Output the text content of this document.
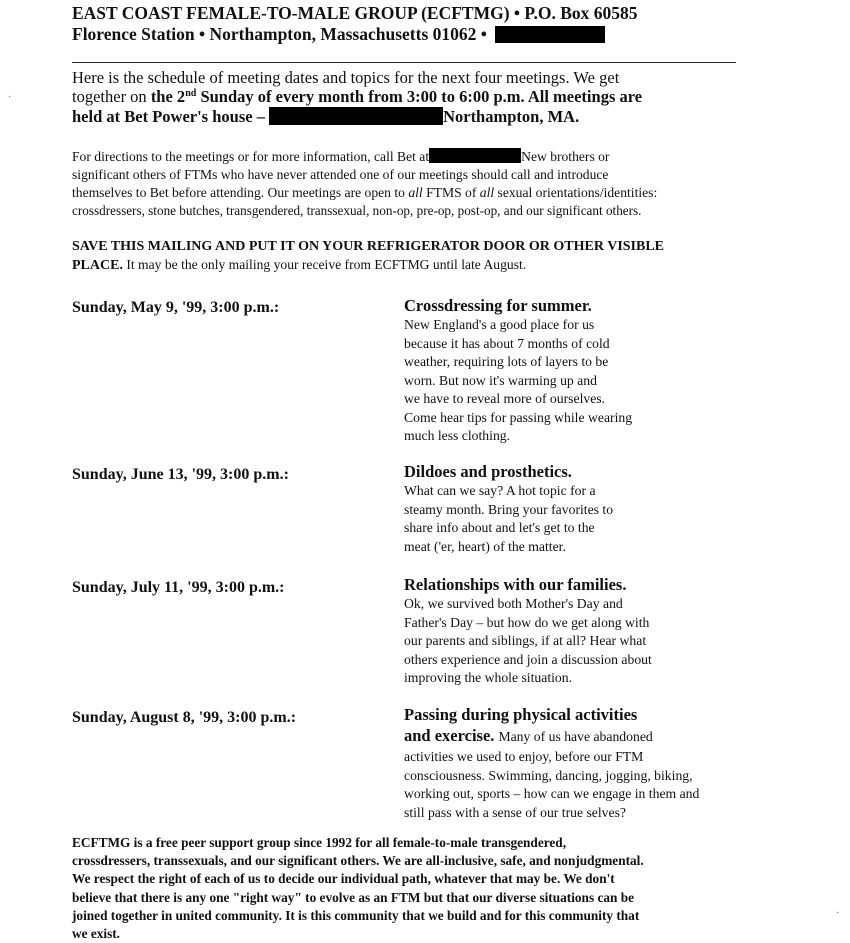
EAST COAST FEMALE-TO-MALE GROUP (ECFTMG) • P.O. Box 60585
Florence Station • Northampton, Massachusetts 01062 •
Here is the schedule of meeting dates and topics for the next four meetings. We get
together on the 2nd Sunday of every month from 3:00 to 6:00 p.m. All meetings are
held at Bet Power's house –	Northampton, MA.
For directions to the meetings or for more information, call Bet at	New brothers or
significant others of FTMs who have never attended one of our meetings should call and introduce
themselves to Bet before attending. Our meetings are open to all FTMS of all sexual orientations/identities:
crossdressers, stone butches, transgendered, transsexual, non-op, pre-op, post-op, and our significant others.
SAVE THIS MAILING AND PUT IT ON YOUR REFRIGERATOR DOOR OR OTHER VISIBLE
PLACE. It may be the only mailing your receive from ECFTMG until late August.
Sunday, May 9, '99, 3:00 p.m.:	Crossdressing for summer.
New England's a good place for us
because it has about 7 months of cold
weather, requiring lots of layers to be
worn. But now it's warming up and
we have to reveal more of ourselves.
Come hear tips for passing while wearing
much less clothing.
Sunday, June 13, '99, 3:00 p.m.:	Dildoes and prosthetics.
What can we say? A hot topic for a
steamy month. Bring your favorites to
share info about and let's get to the
meat ('er, heart) of the matter.
Sunday, July 11, '99, 3:00 p.m.:	Relationships with our families.
Ok, we survived both Mother's Day and
Father's Day – but how do we get along with
our parents and siblings, if at all? Hear what
others experience and join a discussion about
improving the whole situation.
Sunday, August 8, '99, 3:00 p.m.:	Passing during physical activities
and exercise. Many of us have abandoned
activities we used to enjoy, before our FTM
consciousness. Swimming, dancing, jogging, biking,
working out, sports – how can we engage in them and
still pass with a sense of our true selves?
ECFTMG is a free peer support group since 1992 for all female-to-male transgendered,
crossdressers, transsexuals, and our significant others. We are all-inclusive, safe, and nonjudgmental.
We respect the right of each of us to decide our individual path, whatever that may be. We don't
believe that there is any one "right way" to evolve as an FTM but that our diverse situations can be
joined together in united community. It is this community that we build and for this community that
we exist.
·
·
